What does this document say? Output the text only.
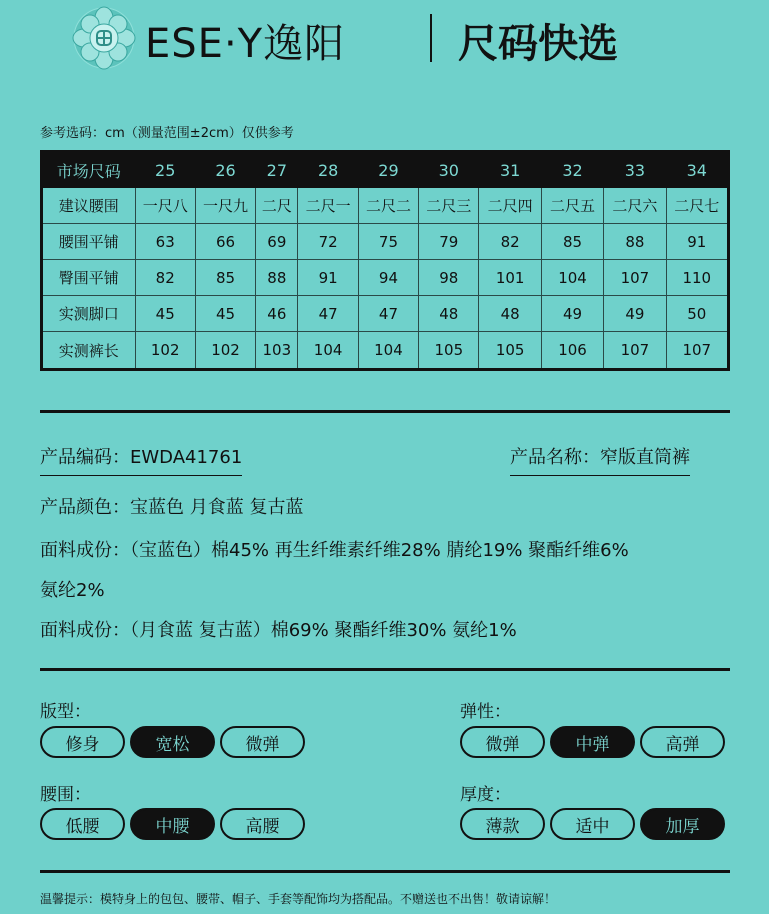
ESE·Y逸阳	尺码快选
参考选码：cm（测量范围±2cm）仅供参考
市场尺码	25	26	27	28	29	30	31	32	33	34
建议腰围	一尺八	一尺九	二尺	二尺一	二尺二	二尺三	二尺四	二尺五	二尺六	二尺七
腰围平铺	63	66	69	72	75	79	82	85	88	91
臀围平铺	82	85	88	91	94	98	101	104	107	110
实测脚口	45	45	46	47	47	48	48	49	49	50
实测裤长	102	102	103	104	104	105	105	106	107	107
产品编码：EWDA41761	产品名称：窄版直筒裤
产品颜色：宝蓝色 月食蓝 复古蓝
面料成份：（宝蓝色）棉45% 再生纤维素纤维28% 腈纶19% 聚酯纤维6%
氨纶2%
面料成份：（月食蓝 复古蓝）棉69% 聚酯纤维30% 氨纶1%
版型：
修身	宽松	微弹
弹性：
微弹	中弹	高弹
腰围：
低腰	中腰	高腰
厚度：
薄款	适中	加厚
温馨提示：模特身上的包包、腰带、帽子、手套等配饰均为搭配品。不赠送也不出售！敬请谅解！
